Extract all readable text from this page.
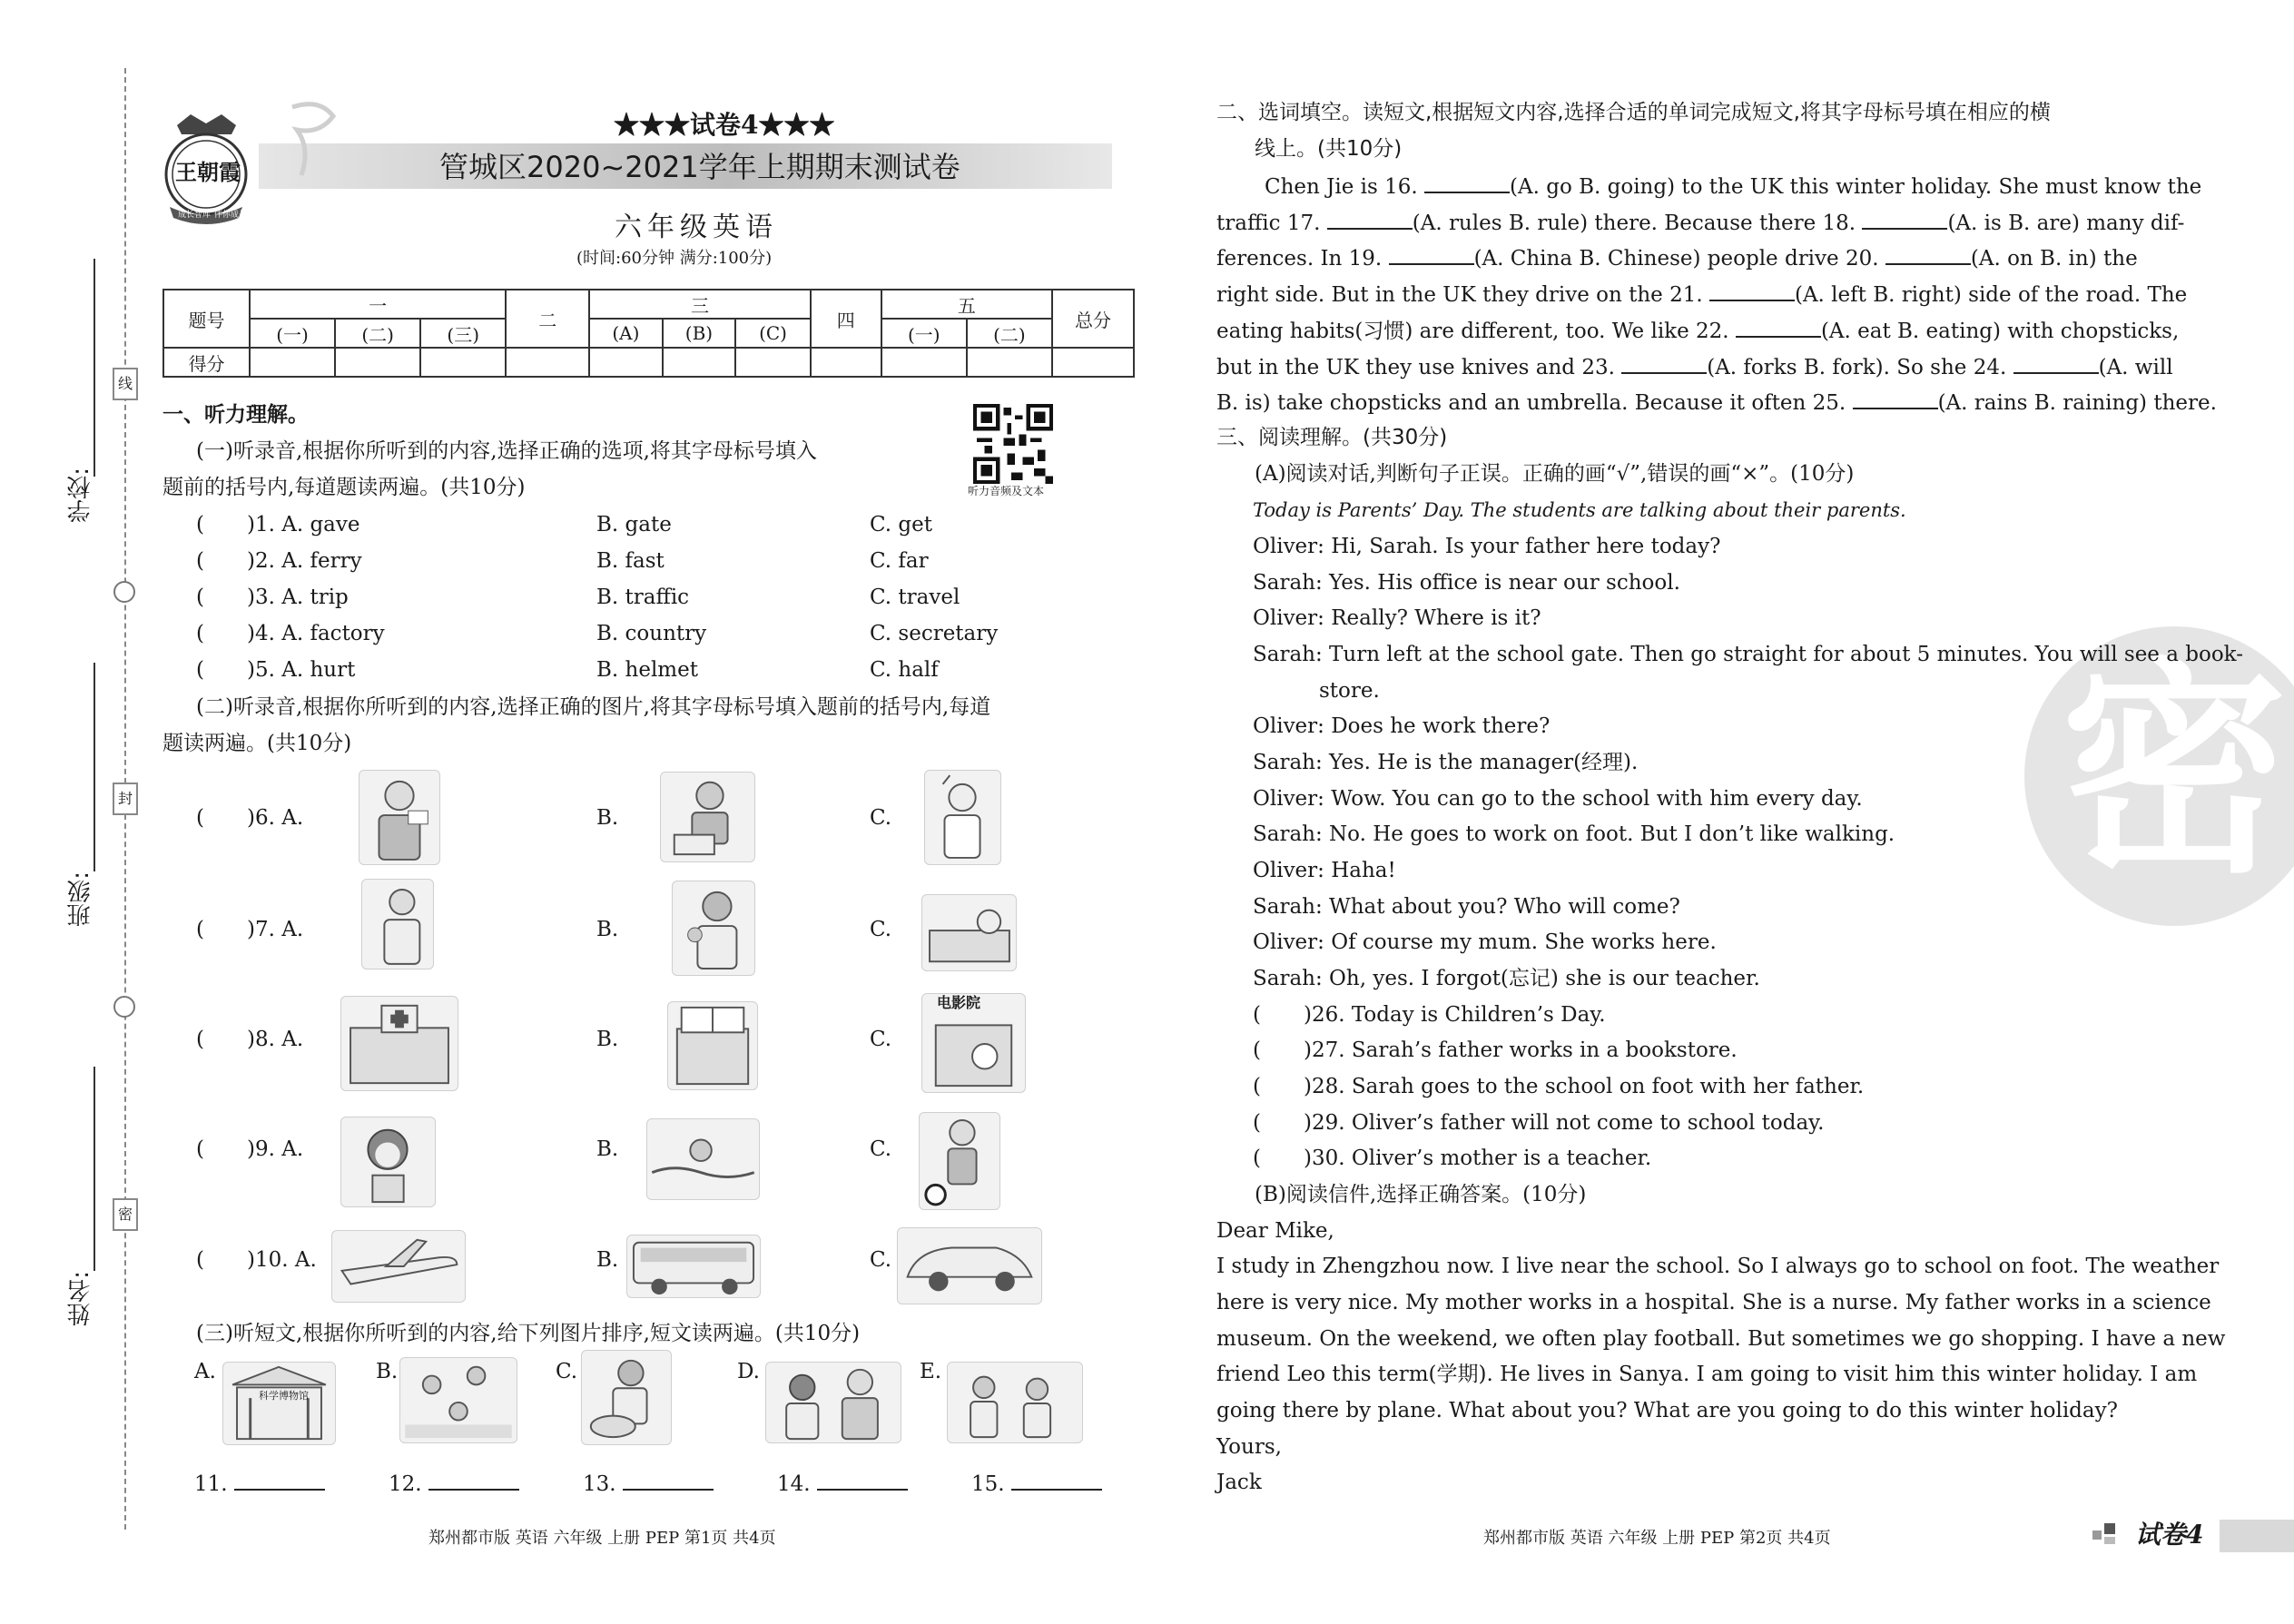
线
封
密
学校:
班级:
姓名:
王朝霞
成长智库 伴你成长
★★★试卷4★★★
管城区2020~2021学年上期期末测试卷
六年级英语
(时间:60分钟 满分:100分)
题号	一			二	三			四	五		总分
	(一)	(二)	(三)		(A)	(B)	(C)		(一)	(二)	
得分											
一、听力理解。
听力音频及文本
(一)听录音,根据你所听到的内容,选择正确的选项,将其字母标号填入
题前的括号内,每道题读两遍。(共10分)
( )1. A. gave	B. gate	C. get
( )2. A. ferry	B. fast	C. far
( )3. A. trip	B. traffic	C. travel
( )4. A. factory	B. country	C. secretary
( )5. A. hurt	B. helmet	C. half
(二)听录音,根据你所听到的内容,选择正确的图片,将其字母标号填入题前的括号内,每道
题读两遍。(共10分)
( )6. A.	B.	C.
( )7. A.	B.	C.
( )8. A.	B.	C.
电影院
( )9. A.	B.	C.
( )10. A.	B.	C.
(三)听短文,根据你所听到的内容,给下列图片排序,短文读两遍。(共10分)
A.
科学博物馆
B.	C.	D.	E.
11.	12.	13.	14.	15.
郑州都市版 英语 六年级 上册 PEP 第1页 共4页
密
二、选词填空。读短文,根据短文内容,选择合适的单词完成短文,将其字母标号填在相应的横
线上。(共10分)
Chen Jie is 16.	(A. go B. going) to the UK this winter holiday. She must know the
traffic 17.	(A. rules B. rule) there. Because there 18.	(A. is B. are) many dif-
ferences. In 19.	(A. China B. Chinese) people drive 20.	(A. on B. in) the
right side. But in the UK they drive on the 21.	(A. left B. right) side of the road. The
eating habits(习惯) are different, too. We like 22.	(A. eat B. eating) with chopsticks,
but in the UK they use knives and 23.	(A. forks B. fork). So she 24.	(A. will
B. is) take chopsticks and an umbrella. Because it often 25.	(A. rains B. raining) there.
三、阅读理解。(共30分)
(A)阅读对话,判断句子正误。正确的画“√”,错误的画“×”。(10分)
Today is Parents’ Day. The students are talking about their parents.
Oliver: Hi, Sarah. Is your father here today?
Sarah: Yes. His office is near our school.
Oliver: Really? Where is it?
Sarah: Turn left at the school gate. Then go straight for about 5 minutes. You will see a book-
store.
Oliver: Does he work there?
Sarah: Yes. He is the manager(经理).
Oliver: Wow. You can go to the school with him every day.
Sarah: No. He goes to work on foot. But I don’t like walking.
Oliver: Haha!
Sarah: What about you? Who will come?
Oliver: Of course my mum. She works here.
Sarah: Oh, yes. I forgot(忘记) she is our teacher.
( )26. Today is Children’s Day.
( )27. Sarah’s father works in a bookstore.
( )28. Sarah goes to the school on foot with her father.
( )29. Oliver’s father will not come to school today.
( )30. Oliver’s mother is a teacher.
(B)阅读信件,选择正确答案。(10分)
Dear Mike,
I study in Zhengzhou now. I live near the school. So I always go to school on foot. The weather
here is very nice. My mother works in a hospital. She is a nurse. My father works in a science
museum. On the weekend, we often play football. But sometimes we go shopping. I have a new
friend Leo this term(学期). He lives in Sanya. I am going to visit him this winter holiday. I am
going there by plane. What about you? What are you going to do this winter holiday?
Yours,
Jack
郑州都市版 英语 六年级 上册 PEP 第2页 共4页	试卷4
